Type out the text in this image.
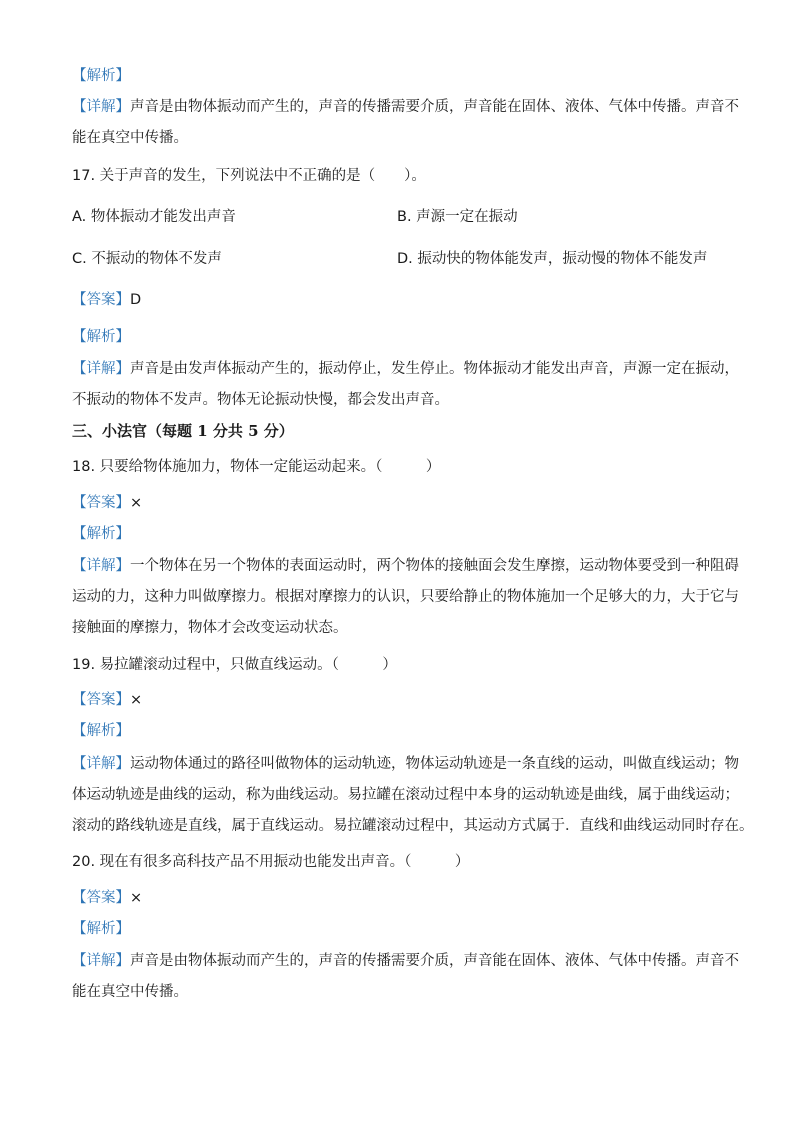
【解析】
【详解】声音是由物体振动而产生的，声音的传播需要介质，声音能在固体、液体、气体中传播。声音不
能在真空中传播。
17. 关于声音的发生，下列说法中不正确的是（　　）。
A. 物体振动才能发出声音	B. 声源一定在振动
C. 不振动的物体不发声	D. 振动快的物体能发声，振动慢的物体不能发声
【答案】D
【解析】
【详解】声音是由发声体振动产生的，振动停止，发生停止。物体振动才能发出声音，声源一定在振动，
不振动的物体不发声。物体无论振动快慢，都会发出声音。
三、小法官（每题 1 分共 5 分）
18. 只要给物体施加力，物体一定能运动起来。（　　　）
【答案】×
【解析】
【详解】一个物体在另一个物体的表面运动时，两个物体的接触面会发生摩擦，运动物体要受到一种阻碍
运动的力，这种力叫做摩擦力。根据对摩擦力的认识，只要给静止的物体施加一个足够大的力，大于它与
接触面的摩擦力，物体才会改变运动状态。
19. 易拉罐滚动过程中，只做直线运动。（　　　）
【答案】×
【解析】
【详解】运动物体通过的路径叫做物体的运动轨迹，物体运动轨迹是一条直线的运动，叫做直线运动；物
体运动轨迹是曲线的运动，称为曲线运动。易拉罐在滚动过程中本身的运动轨迹是曲线，属于曲线运动；
滚动的路线轨迹是直线，属于直线运动。易拉罐滚动过程中，其运动方式属于．直线和曲线运动同时存在。
20. 现在有很多高科技产品不用振动也能发出声音。（　　　）
【答案】×
【解析】
【详解】声音是由物体振动而产生的，声音的传播需要介质，声音能在固体、液体、气体中传播。声音不
能在真空中传播。
